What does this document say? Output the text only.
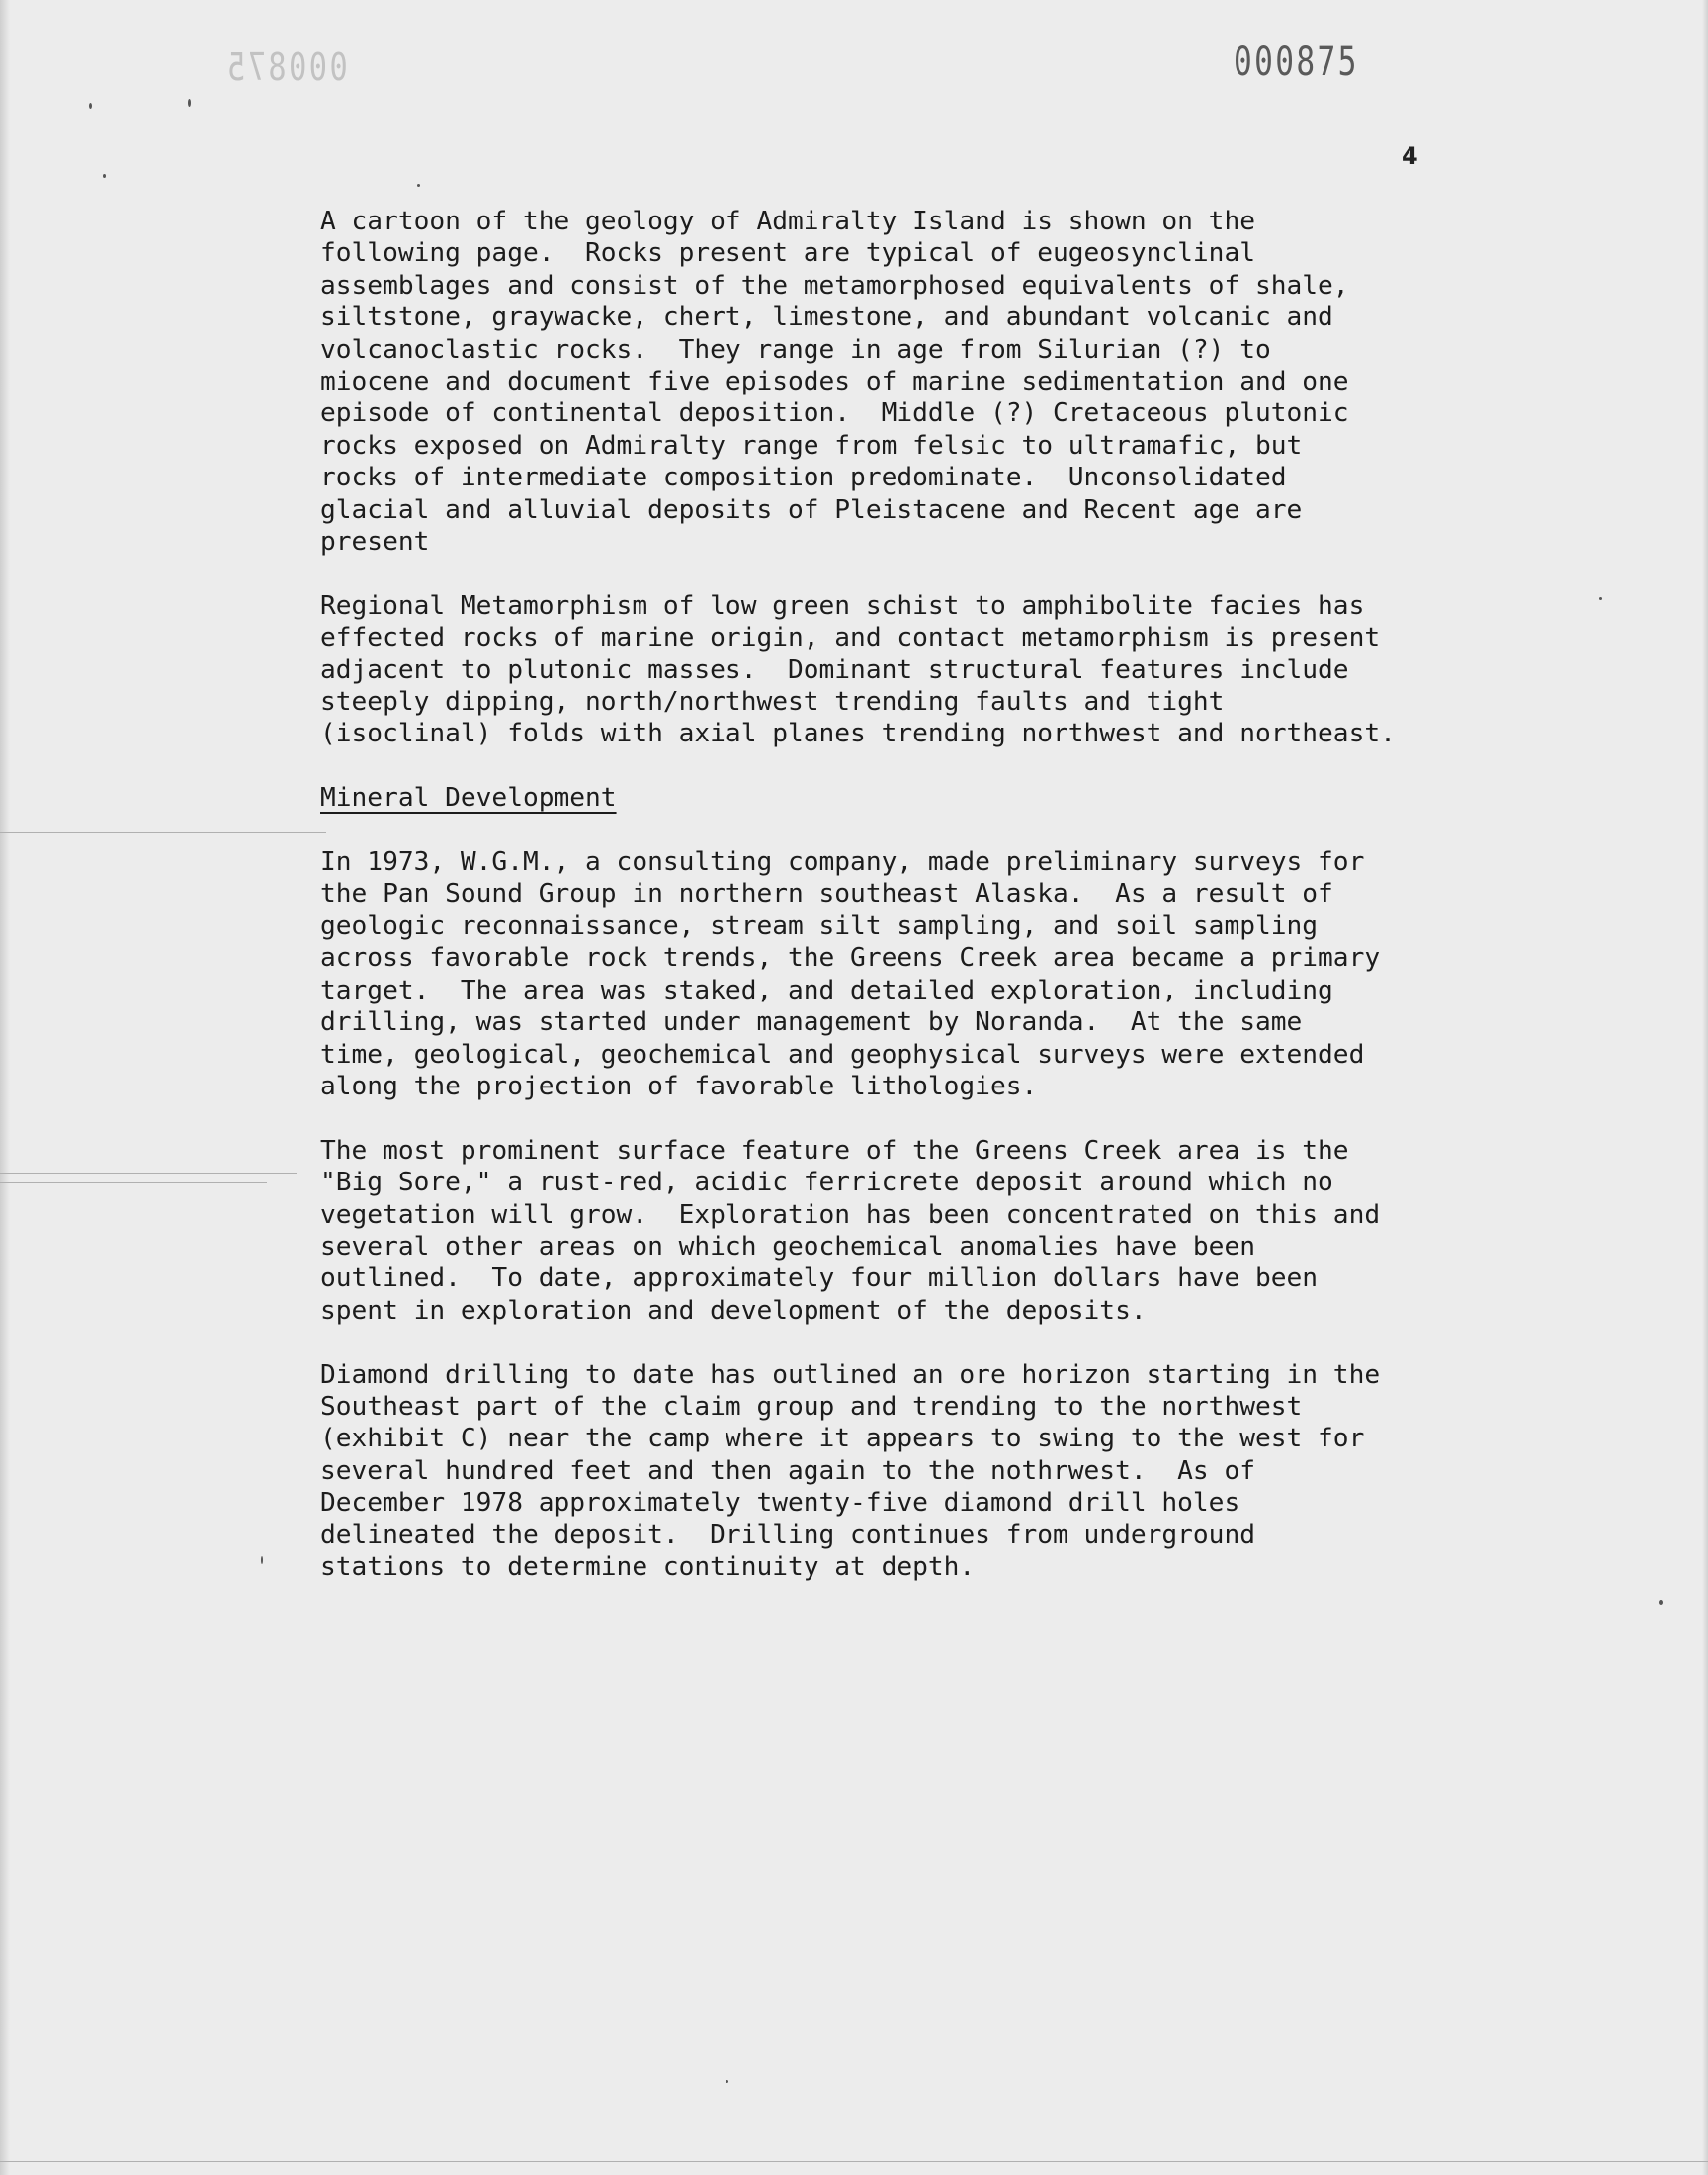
000875	000875
4

A cartoon of the geology of Admiralty Island is shown on the
following page.  Rocks present are typical of eugeosynclinal
assemblages and consist of the metamorphosed equivalents of shale,
siltstone, graywacke, chert, limestone, and abundant volcanic and
volcanoclastic rocks.  They range in age from Silurian (?) to
miocene and document five episodes of marine sedimentation and one
episode of continental deposition.  Middle (?) Cretaceous plutonic
rocks exposed on Admiralty range from felsic to ultramafic, but
rocks of intermediate composition predominate.  Unconsolidated
glacial and alluvial deposits of Pleistacene and Recent age are
present

Regional Metamorphism of low green schist to amphibolite facies has
effected rocks of marine origin, and contact metamorphism is present
adjacent to plutonic masses.  Dominant structural features include
steeply dipping, north/northwest trending faults and tight
(isoclinal) folds with axial planes trending northwest and northeast.

Mineral Development

In 1973, W.G.M., a consulting company, made preliminary surveys for
the Pan Sound Group in northern southeast Alaska.  As a result of
geologic reconnaissance, stream silt sampling, and soil sampling
across favorable rock trends, the Greens Creek area became a primary
target.  The area was staked, and detailed exploration, including
drilling, was started under management by Noranda.  At the same
time, geological, geochemical and geophysical surveys were extended
along the projection of favorable lithologies.

The most prominent surface feature of the Greens Creek area is the
"Big Sore," a rust-red, acidic ferricrete deposit around which no
vegetation will grow.  Exploration has been concentrated on this and
several other areas on which geochemical anomalies have been
outlined.  To date, approximately four million dollars have been
spent in exploration and development of the deposits.

Diamond drilling to date has outlined an ore horizon starting in the
Southeast part of the claim group and trending to the northwest
(exhibit C) near the camp where it appears to swing to the west for
several hundred feet and then again to the nothrwest.  As of
December 1978 approximately twenty-five diamond drill holes
delineated the deposit.  Drilling continues from underground
stations to determine continuity at depth.
